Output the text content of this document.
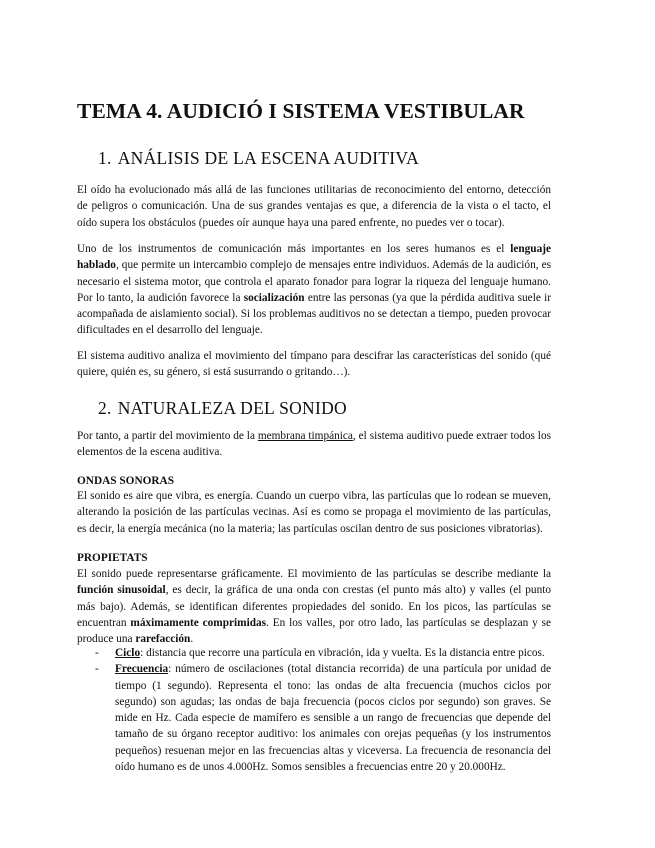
TEMA 4. AUDICIÓ I SISTEMA VESTIBULAR
1. ANÁLISIS DE LA ESCENA AUDITIVA

El oído ha evolucionado más allá de las funciones utilitarias de reconocimiento del entorno, detección de peligros o comunicación. Una de sus grandes ventajas es que, a diferencia de la vista o el tacto, el oído supera los obstáculos (puedes oír aunque haya una pared enfrente, no puedes ver o tocar).

Uno de los instrumentos de comunicación más importantes en los seres humanos es el lenguaje hablado, que permite un intercambio complejo de mensajes entre individuos. Además de la audición, es necesario el sistema motor, que controla el aparato fonador para lograr la riqueza del lenguaje humano. Por lo tanto, la audición favorece la socialización entre las personas (ya que la pérdida auditiva suele ir acompañada de aislamiento social). Si los problemas auditivos no se detectan a tiempo, pueden provocar dificultades en el desarrollo del lenguaje.

El sistema auditivo analiza el movimiento del tímpano para descifrar las características del sonido (qué quiere, quién es, su género, si está susurrando o gritando…).

2. NATURALEZA DEL SONIDO

Por tanto, a partir del movimiento de la membrana timpánica, el sistema auditivo puede extraer todos los elementos de la escena auditiva.

ONDAS SONORAS

El sonido es aire que vibra, es energía. Cuando un cuerpo vibra, las partículas que lo rodean se mueven, alterando la posición de las partículas vecinas. Así es como se propaga el movimiento de las partículas, es decir, la energía mecánica (no la materia; las partículas oscilan dentro de sus posiciones vibratorias).

PROPIETATS

El sonido puede representarse gráficamente. El movimiento de las partículas se describe mediante la función sinusoidal, es decir, la gráfica de una onda con crestas (el punto más alto) y valles (el punto más bajo). Además, se identifican diferentes propiedades del sonido. En los picos, las partículas se encuentran máximamente comprimidas. En los valles, por otro lado, las partículas se desplazan y se produce una rarefacción.

- Ciclo: distancia que recorre una partícula en vibración, ida y vuelta. Es la distancia entre picos.
- Frecuencia: número de oscilaciones (total distancia recorrida) de una partícula por unidad de tiempo (1 segundo). Representa el tono: las ondas de alta frecuencia (muchos ciclos por segundo) son agudas; las ondas de baja frecuencia (pocos ciclos por segundo) son graves. Se mide en Hz. Cada especie de mamífero es sensible a un rango de frecuencias que depende del tamaño de su órgano receptor auditivo: los animales con orejas pequeñas (y los instrumentos pequeños) resuenan mejor en las frecuencias altas y viceversa. La frecuencia de resonancia del oído humano es de unos 4.000Hz. Somos sensibles a frecuencias entre 20 y 20.000Hz.
